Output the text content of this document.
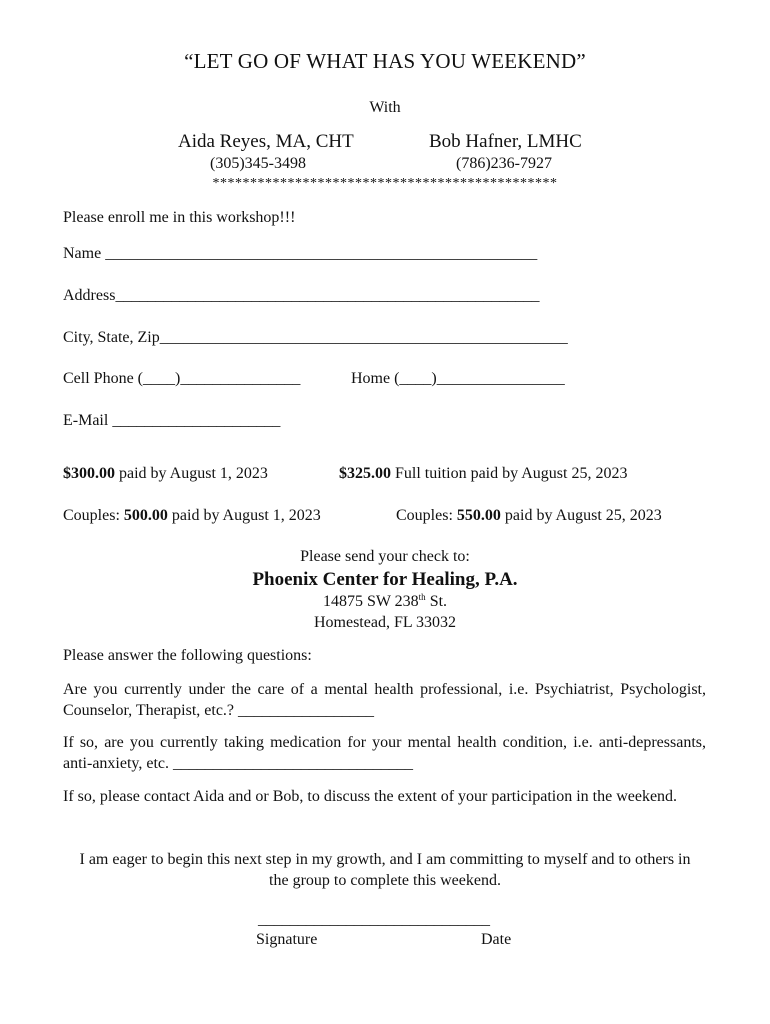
“LET GO OF WHAT HAS YOU WEEKEND”
With
Aida Reyes, MA, CHT	Bob Hafner, LMHC
(305)345-3498	(786)236-7927
**********************************************
Please enroll me in this workshop!!!
Name ______________________________________________________
Address_____________________________________________________
City, State, Zip___________________________________________________
Cell Phone (____)_______________	Home (____)________________
E-Mail _____________________
$300.00 paid by August 1, 2023	$325.00 Full tuition paid by August 25, 2023
Couples: 500.00 paid by August 1, 2023	Couples: 550.00 paid by August 25, 2023
Please send your check to:
Phoenix Center for Healing, P.A.
14875 SW 238th St.
Homestead, FL 33032
Please answer the following questions:
Are you currently under the care of a mental health professional, i.e. Psychiatrist, Psychologist, Counselor, Therapist, etc.? _________________
If so, are you currently taking medication for your mental health condition, i.e. anti-depressants, anti-anxiety, etc. ______________________________
If so, please contact Aida and or Bob, to discuss the extent of your participation in the weekend.
I am eager to begin this next step in my growth, and I am committing to myself and to others in the group to complete this weekend.
_____________________________
Signature	Date
